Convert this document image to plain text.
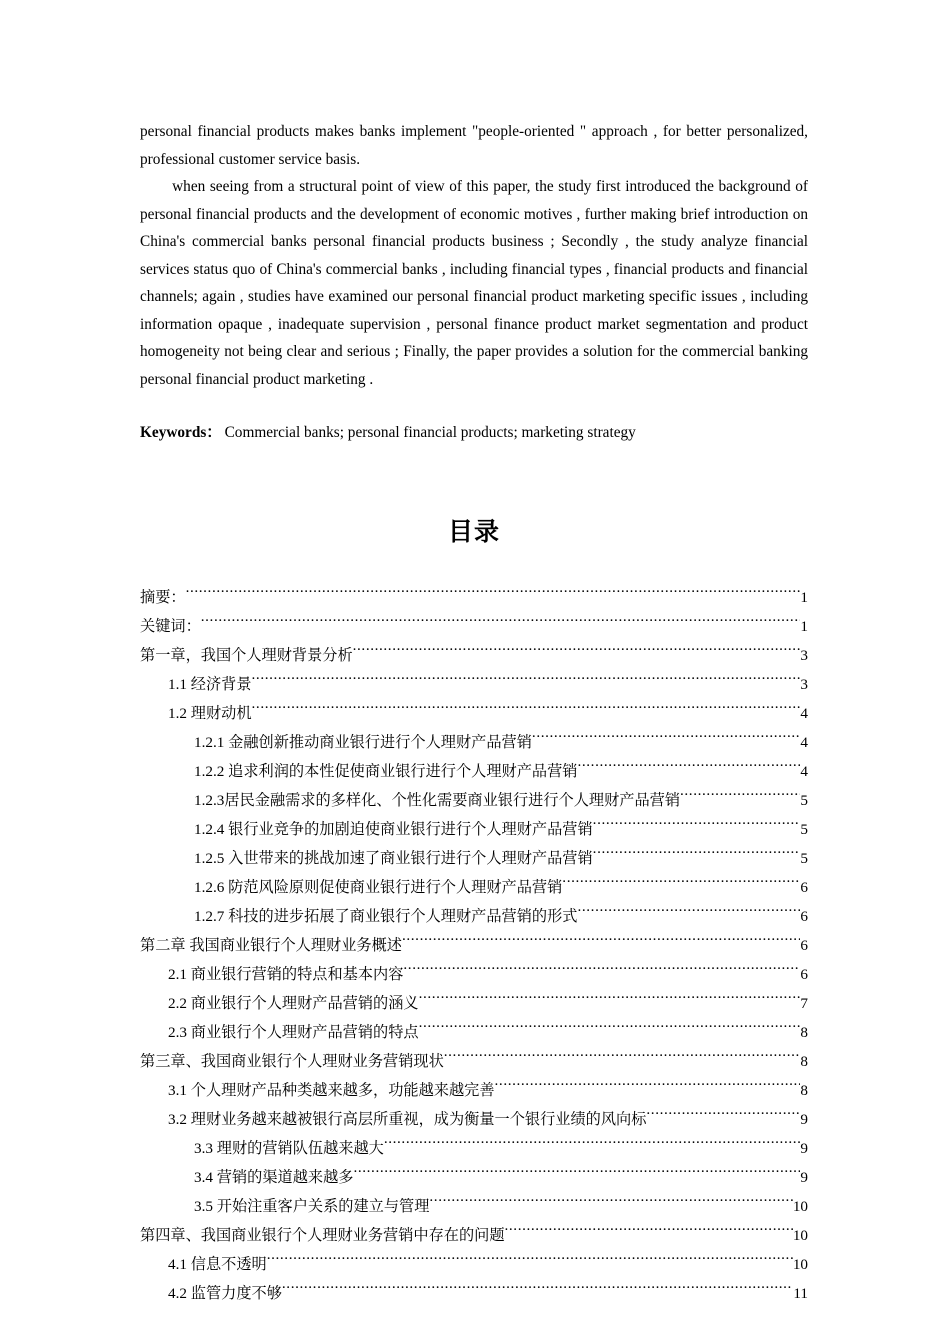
personal financial products makes banks implement "people-oriented " approach , for better personalized, professional customer service basis.

when seeing from a structural point of view of this paper, the study first introduced the background of personal financial products and the development of economic motives , further making brief introduction on China's commercial banks personal financial products business ; Secondly , the study analyze financial services status quo of China's commercial banks , including financial types , financial products and financial channels; again , studies have examined our personal financial product marketing specific issues , including information opaque , inadequate supervision , personal finance product market segmentation and product homogeneity not being clear and serious ; Finally, the paper provides a solution for the commercial banking personal financial product marketing .

Keywords： Commercial banks; personal financial products; marketing strategy

目录
摘要： .....	1
关键词： .....	1
第一章，我国个人理财背景分析 .....	3
1.1 经济背景 .....	3
1.2 理财动机 .....	4
1.2.1 金融创新推动商业银行进行个人理财产品营销 .....	4
1.2.2 追求利润的本性促使商业银行进行个人理财产品营销 .....	4
1.2.3居民金融需求的多样化、个性化需要商业银行进行个人理财产品营销 .....	5
1.2.4 银行业竞争的加剧迫使商业银行进行个人理财产品营销 .....	5
1.2.5 入世带来的挑战加速了商业银行进行个人理财产品营销 .....	5
1.2.6 防范风险原则促使商业银行进行个人理财产品营销 .....	6
1.2.7 科技的进步拓展了商业银行个人理财产品营销的形式 .....	6
第二章 我国商业银行个人理财业务概述 .....	6
2.1 商业银行营销的特点和基本内容 .....	6
2.2 商业银行个人理财产品营销的涵义 .....	7
2.3 商业银行个人理财产品营销的特点 .....	8
第三章、我国商业银行个人理财业务营销现状 .....	8
3.1 个人理财产品种类越来越多，功能越来越完善 .....	8
3.2 理财业务越来越被银行高层所重视，成为衡量一个银行业绩的风向标 .....	9
3.3 理财的营销队伍越来越大 .....	9
3.4 营销的渠道越来越多 .....	9
3.5 开始注重客户关系的建立与管理 .....	10
第四章、我国商业银行个人理财业务营销中存在的问题 .....	10
4.1 信息不透明 .....	10
4.2 监管力度不够 .....	11
